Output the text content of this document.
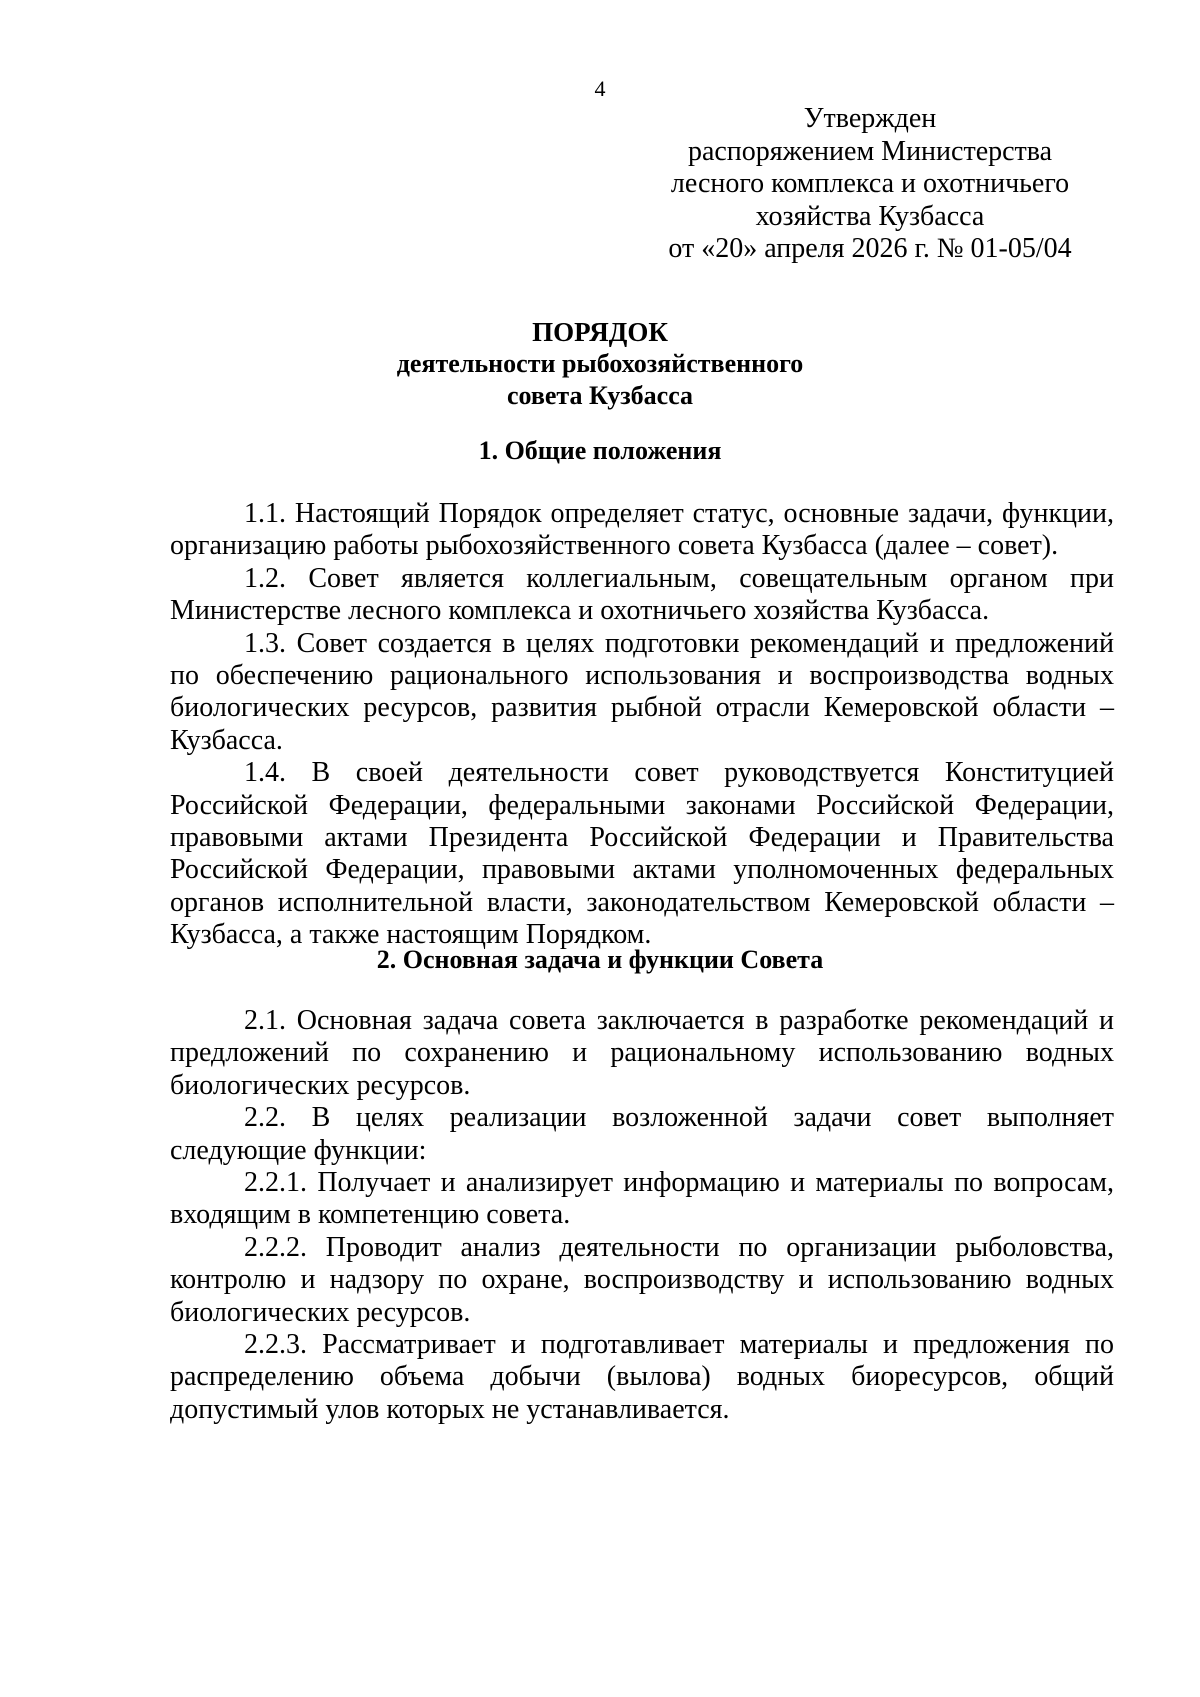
4
Утвержден
распоряжением Министерства
лесного комплекса и охотничьего
хозяйства Кузбасса
от «20» апреля 2026 г. № 01-05/04
ПОРЯДОК
деятельности рыбохозяйственного
совета Кузбасса
1. Общие положения

1.1. Настоящий Порядок определяет статус, основные задачи, функции, организацию работы рыбохозяйственного совета Кузбасса (далее – совет).

1.2. Совет является коллегиальным, совещательным органом при Министерстве лесного комплекса и охотничьего хозяйства Кузбасса.

1.3. Совет создается в целях подготовки рекомендаций и предложений по обеспечению рационального использования и воспроизводства водных биологических ресурсов, развития рыбной отрасли Кемеровской области – Кузбасса.

1.4. В своей деятельности совет руководствуется Конституцией Российской Федерации, федеральными законами Российской Федерации, правовыми актами Президента Российской Федерации и Правительства Российской Федерации, правовыми актами уполномоченных федеральных органов исполнительной власти, законодательством Кемеровской области – Кузбасса, а также настоящим Порядком.

2. Основная задача и функции Совета

2.1. Основная задача совета заключается в разработке рекомендаций и предложений по сохранению и рациональному использованию водных биологических ресурсов.

2.2. В целях реализации возложенной задачи совет выполняет следующие функции:

2.2.1. Получает и анализирует информацию и материалы по вопросам, входящим в компетенцию совета.

2.2.2. Проводит анализ деятельности по организации рыболовства, контролю и надзору по охране, воспроизводству и использованию водных биологических ресурсов.

2.2.3. Рассматривает и подготавливает материалы и предложения по распределению объема добычи (вылова) водных биоресурсов, общий допустимый улов которых не устанавливается.
